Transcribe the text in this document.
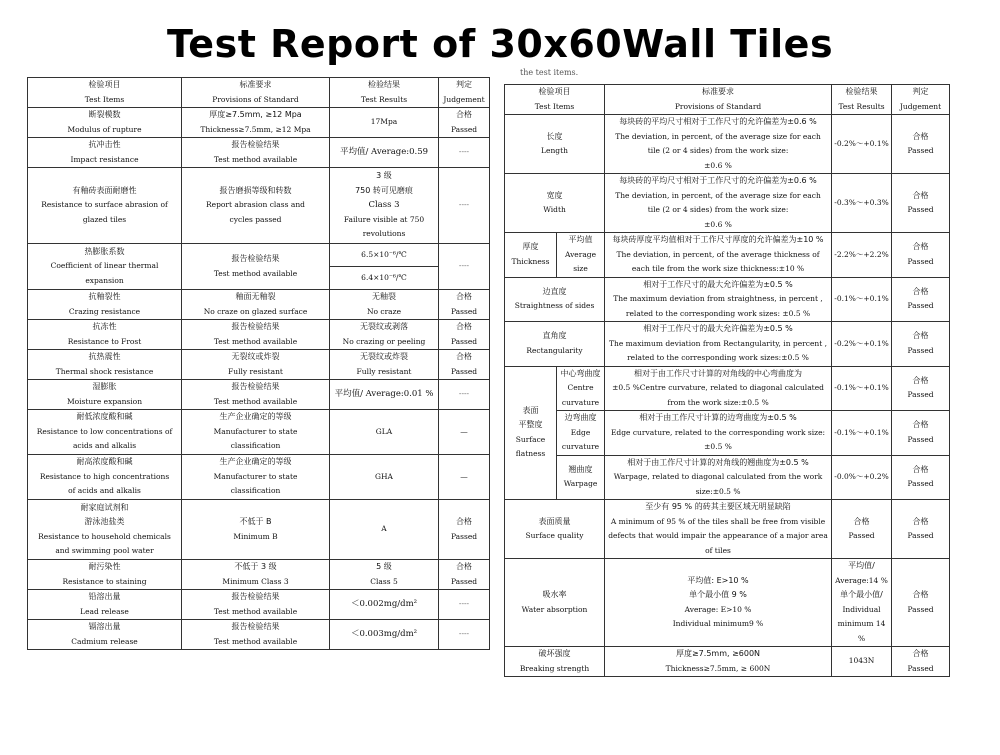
Test Report of 30x60Wall Tiles
the test items.
检验项目
Test Items	标准要求
Provisions of Standard	检验结果
Test Results	判定
Judgement

断裂模数
Modulus of rupture	厚度≥7.5mm, ≥12 Mpa
Thickness≥7.5mm, ≥12 Mpa	17Mpa	合格
Passed

抗冲击性
Impact resistance	报告检验结果
Test method available	平均值/ Average:0.59	----

有釉砖表面耐磨性
Resistance to surface abrasion of
glazed tiles	报告磨损等级和转数
Report abrasion class and
cycles passed	3 级
750 转可见磨痕
Class 3
Failure visible at 750
revolutions	----

热膨胀系数
Coefficient of linear thermal
expansion	报告检验结果
Test method available	6.5×10⁻⁶/℃	----

		6.4×10⁻⁶/℃	

抗釉裂性
Crazing resistance	釉面无釉裂
No craze on glazed surface	无釉裂
No craze	合格
Passed

抗冻性
Resistance to Frost	报告检验结果
Test method available	无裂纹或剥落
No crazing or peeling	合格
Passed

抗热震性
Thermal shock resistance	无裂纹或炸裂
Fully resistant	无裂纹或炸裂
Fully resistant	合格
Passed

湿膨胀
Moisture expansion	报告检验结果
Test method available	平均值/ Average:0.01 %	----

耐低浓度酸和碱
Resistance to low concentrations of
acids and alkalis	生产企业确定的等级
Manufacturer to state
classification	GLA	—

耐高浓度酸和碱
Resistance to high concentrations
of acids and alkalis	生产企业确定的等级
Manufacturer to state
classification	GHA	—

耐家庭试剂和
游泳池盐类
Resistance to household chemicals
and swimming pool water	不低于 B
Minimum B	A	合格
Passed

耐污染性
Resistance to staining	不低于 3 级
Minimum Class 3	5 级
Class 5	合格
Passed

铅溶出量
Lead release	报告检验结果
Test method available	＜0.002mg/dm²	----

镉溶出量
Cadmium release	报告检验结果
Test method available	＜0.003mg/dm²	----
检验项目
Test Items		标准要求
Provisions of Standard	检验结果
Test Results	判定
Judgement

长度
Length		每块砖的平均尺寸相对于工作尺寸的允许偏差为±0.6 %
The deviation, in percent, of the average size for each
tile (2 or 4 sides) from the work size:
±0.6 %	-0.2%～+0.1%	合格
Passed

宽度
Width		每块砖的平均尺寸相对于工作尺寸的允许偏差为±0.6 %
The deviation, in percent, of the average size for each
tile (2 or 4 sides) from the work size:
±0.6 %	-0.3%～+0.3%	合格
Passed

厚度
Thickness	平均值
Average
size	每块砖厚度平均值相对于工作尺寸厚度的允许偏差为±10 %
The deviation, in percent, of the average thickness of
each tile from the work size thickness:±10 %	-2.2%～+2.2%	合格
Passed

边直度
Straightness of sides		相对于工作尺寸的最大允许偏差为±0.5 %
The maximum deviation from straightness, in percent ,
related to the corresponding work sizes: ±0.5 %	-0.1%～+0.1%	合格
Passed

直角度
Rectangularity		相对于工作尺寸的最大允许偏差为±0.5 %
The maximum deviation from Rectangularity, in percent ,
related to the corresponding work sizes:±0.5 %	-0.2%～+0.1%	合格
Passed

表面
平整度
Surface
flatness	中心弯曲度
Centre
curvature	相对于由工作尺寸计算的对角线的中心弯曲度为
±0.5 %Centre curvature, related to diagonal calculated
from the work size:±0.5 %	-0.1%～+0.1%	合格
Passed

	边弯曲度
Edge
curvature	相对于由工作尺寸计算的边弯曲度为±0.5 %
Edge curvature, related to the corresponding work size:
±0.5 %	-0.1%～+0.1%	合格
Passed

	翘曲度
Warpage	相对于由工作尺寸计算的对角线的翘曲度为±0.5 %
Warpage, related to diagonal calculated from the work
size:±0.5 %	-0.0%～+0.2%	合格
Passed

表面质量
Surface quality		至少有 95 % 的砖其主要区域无明显缺陷
A minimum of 95 % of the tiles shall be free from visible
defects that would impair the appearance of a major area
of tiles	合格
Passed	合格
Passed

吸水率
Water absorption		平均值: E>10 %
单个最小值 9 %
Average: E>10 %
Individual minimum9 %	平均值/
Average:14 %
单个最小值/
Individual
minimum 14 %	合格
Passed

破坏强度
Breaking strength		厚度≥7.5mm, ≥600N
Thickness≥7.5mm, ≥ 600N	1043N	合格
Passed
